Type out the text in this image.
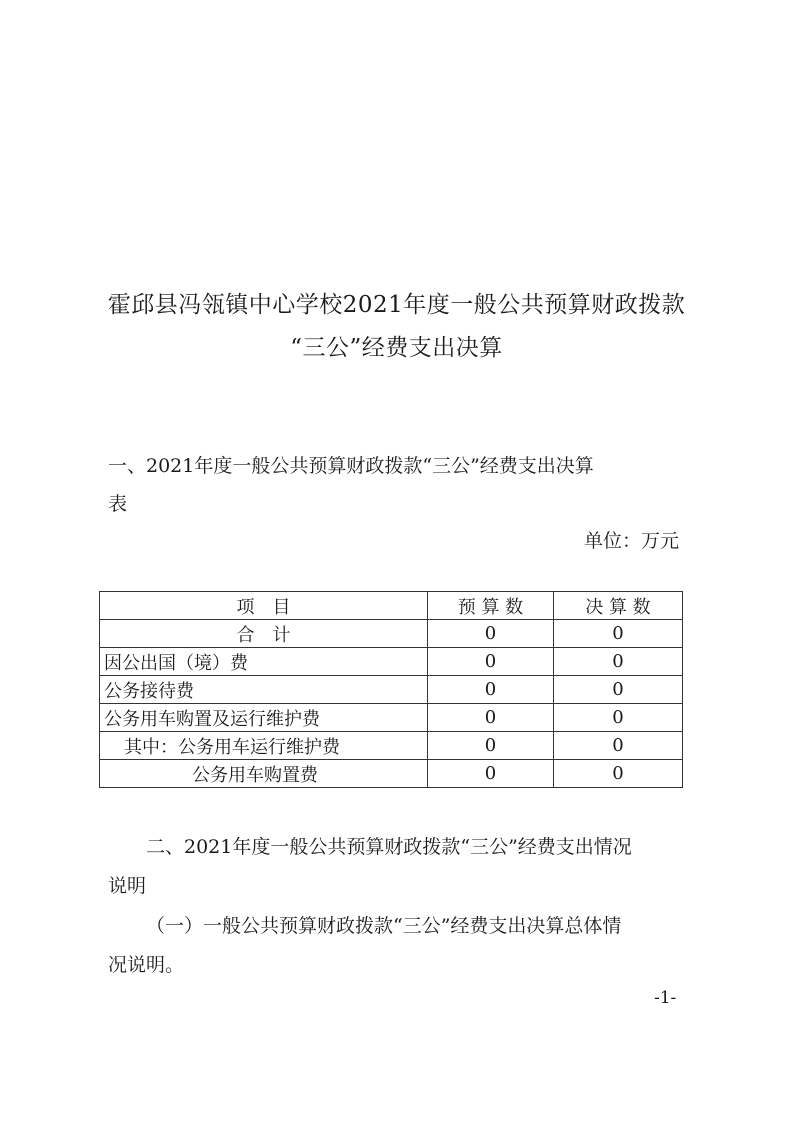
霍邱县冯瓴镇中心学校2021年度一般公共预算财政拨款
“三公”经费支出决算
一、2021年度一般公共预算财政拨款“三公”经费支出决算
表
单位：万元
项　目	预 算 数	决 算 数
合　计	0	0
因公出国（境）费	0	0
公务接待费	0	0
公务用车购置及运行维护费	0	0
其中：公务用车运行维护费	0	0
公务用车购置费	0	0
二、2021年度一般公共预算财政拨款“三公”经费支出情况
说明
（一）一般公共预算财政拨款“三公”经费支出决算总体情
况说明。
-1-
